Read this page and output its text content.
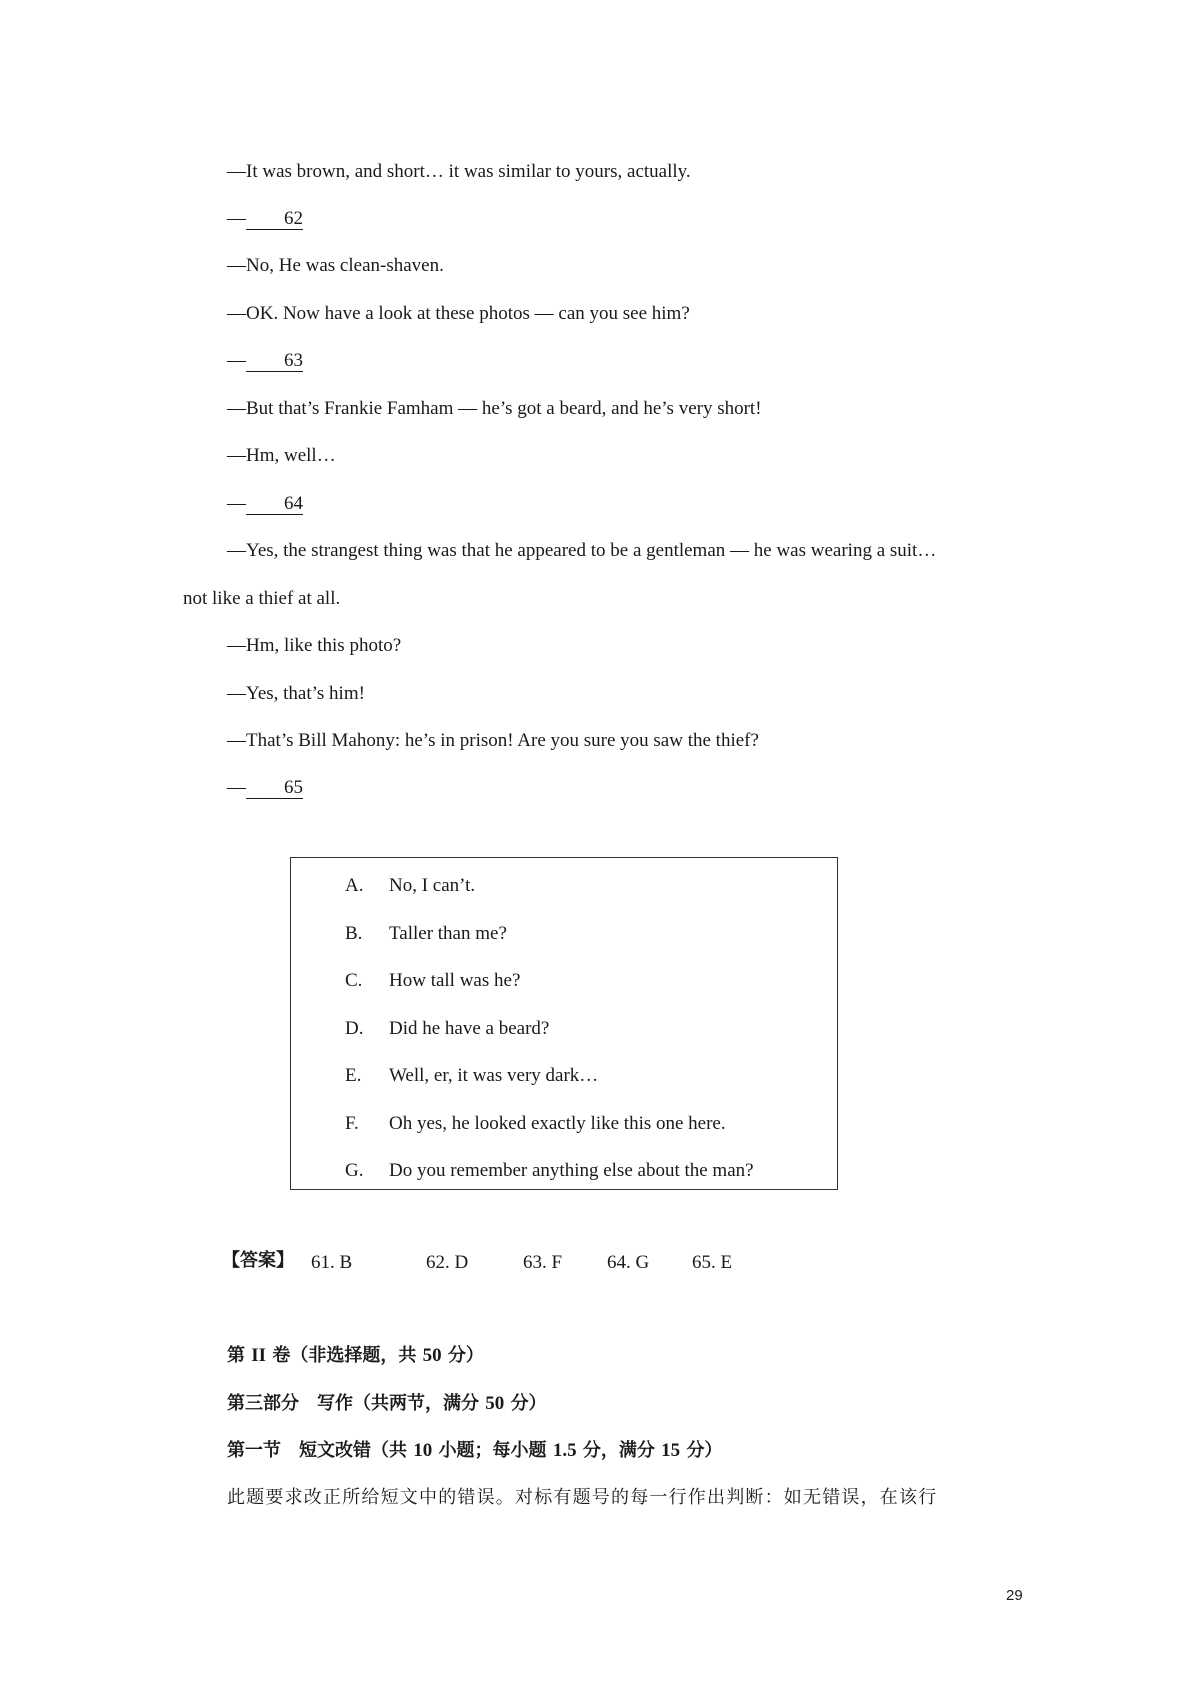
—It was brown, and short… it was similar to yours, actually.
— 62
—No, He was clean-shaven.
—OK. Now have a look at these photos — can you see him?
— 63
—But that’s Frankie Famham — he’s got a beard, and he’s very short!
—Hm, well…
— 64
—Yes, the strangest thing was that he appeared to be a gentleman — he was wearing a suit…
not like a thief at all.
—Hm, like this photo?
—Yes, that’s him!
—That’s Bill Mahony: he’s in prison! Are you sure you saw the thief?
— 65
A. No, I can’t.
B. Taller than me?
C. How tall was he?
D. Did he have a beard?
E. Well, er, it was very dark…
F. Oh yes, he looked exactly like this one here.
G. Do you remember anything else about the man?
【答案】 61. B	62. D	63. F 64. G 65. E
第 II 卷（非选择题，共 50 分）
第三部分　写作（共两节，满分 50 分）
第一节　短文改错（共 10 小题；每小题 1.5 分，满分 15 分）
此题要求改正所给短文中的错误。对标有题号的每一行作出判断：如无错误，在该行
29
